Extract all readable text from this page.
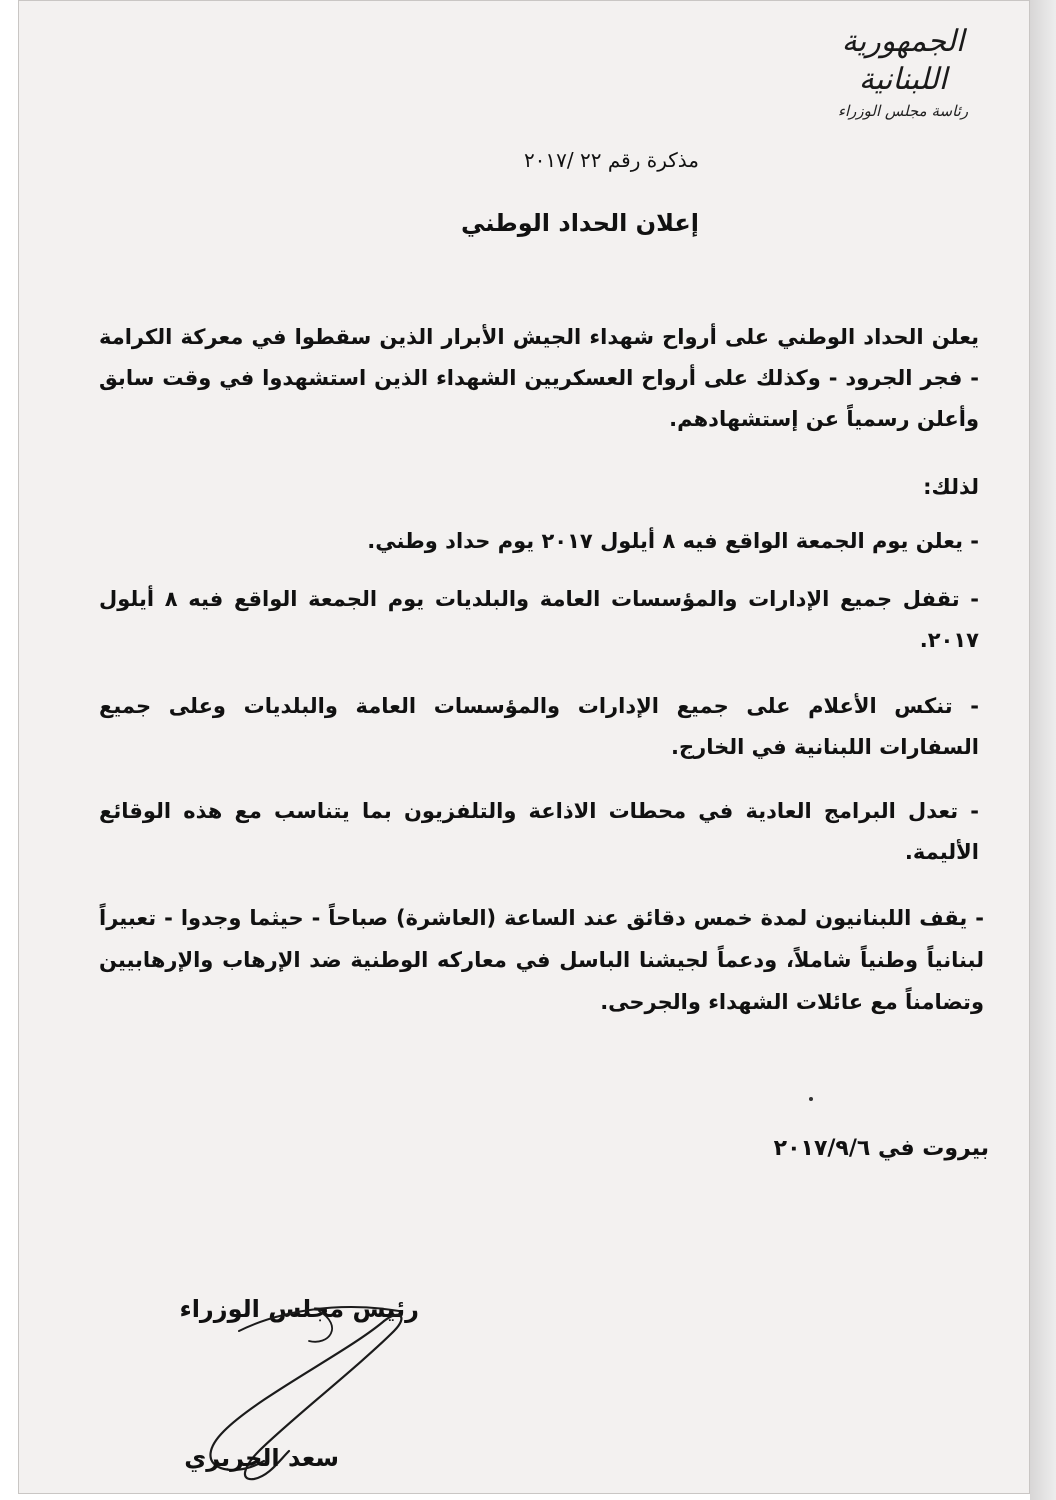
الجمهورية اللبنانية
رئاسة مجلس الوزراء
مذكرة رقم ٢٢ /٢٠١٧
إعلان الحداد الوطني
يعلن الحداد الوطني على أرواح شهداء الجيش الأبرار الذين سقطوا في معركة الكرامة - فجر الجرود - وكذلك على أرواح العسكريين الشهداء الذين استشهدوا في وقت سابق وأعلن رسمياً عن إستشهادهم.
لذلك:
- يعلن يوم الجمعة الواقع فيه ٨ أيلول ٢٠١٧ يوم حداد وطني.
- تقفل جميع الإدارات والمؤسسات العامة والبلديات يوم الجمعة الواقع فيه ٨ أيلول ٢٠١٧.
- تنكس الأعلام على جميع الإدارات والمؤسسات العامة والبلديات وعلى جميع السفارات اللبنانية في الخارج.
- تعدل البرامج العادية في محطات الاذاعة والتلفزيون بما يتناسب مع هذه الوقائع الأليمة.
- يقف اللبنانيون لمدة خمس دقائق عند الساعة (العاشرة) صباحاً - حيثما وجدوا - تعبيراً لبنانياً وطنياً شاملاً، ودعماً لجيشنا الباسل في معاركه الوطنية ضد الإرهاب والإرهابيين وتضامناً مع عائلات الشهداء والجرحى.
بيروت في ٢٠١٧/٩/٦
رئيس مجلس الوزراء
سعد الحريري
